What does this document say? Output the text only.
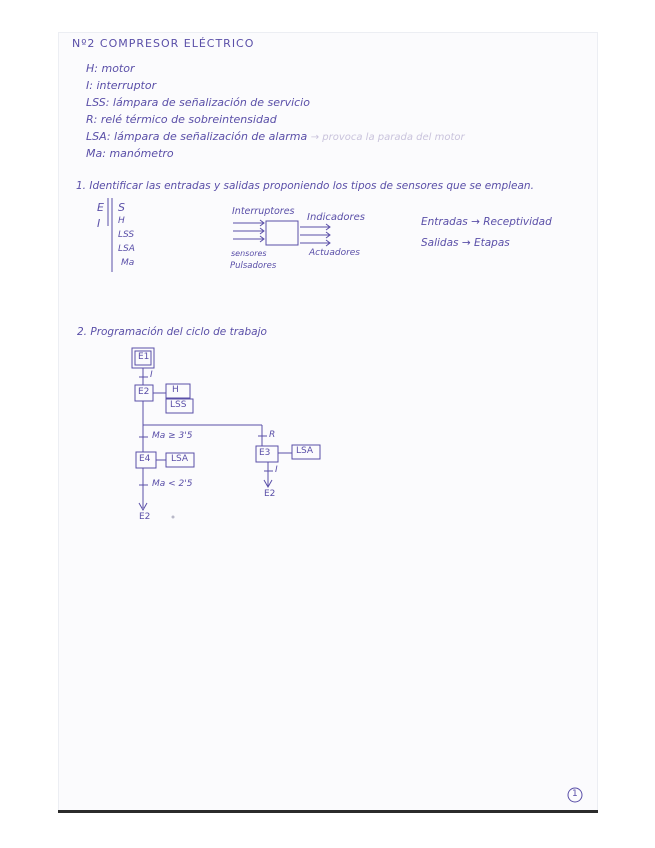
Nº2 COMPRESOR ELÉCTRICO
H: motor
I: interruptor
LSS: lámpara de señalización de servicio
R: relé térmico de sobreintensidad
LSA: lámpara de señalización de alarma → provoca la parada del motor
Ma: manómetro
1. Identificar las entradas y salidas proponiendo los tipos de sensores que se emplean.
E S
I H
LSS
LSA
Ma
Interruptores
Indicadores
sensores
Pulsadores
Actuadores
Entradas → Receptividad
Salidas → Etapas
2. Programación del ciclo de trabajo
E1
I
E2	H
LSS
Ma ≥ 3'5	R
E4 LSA
E3	LSA
I
Ma < 2'5
E2
E2
1
